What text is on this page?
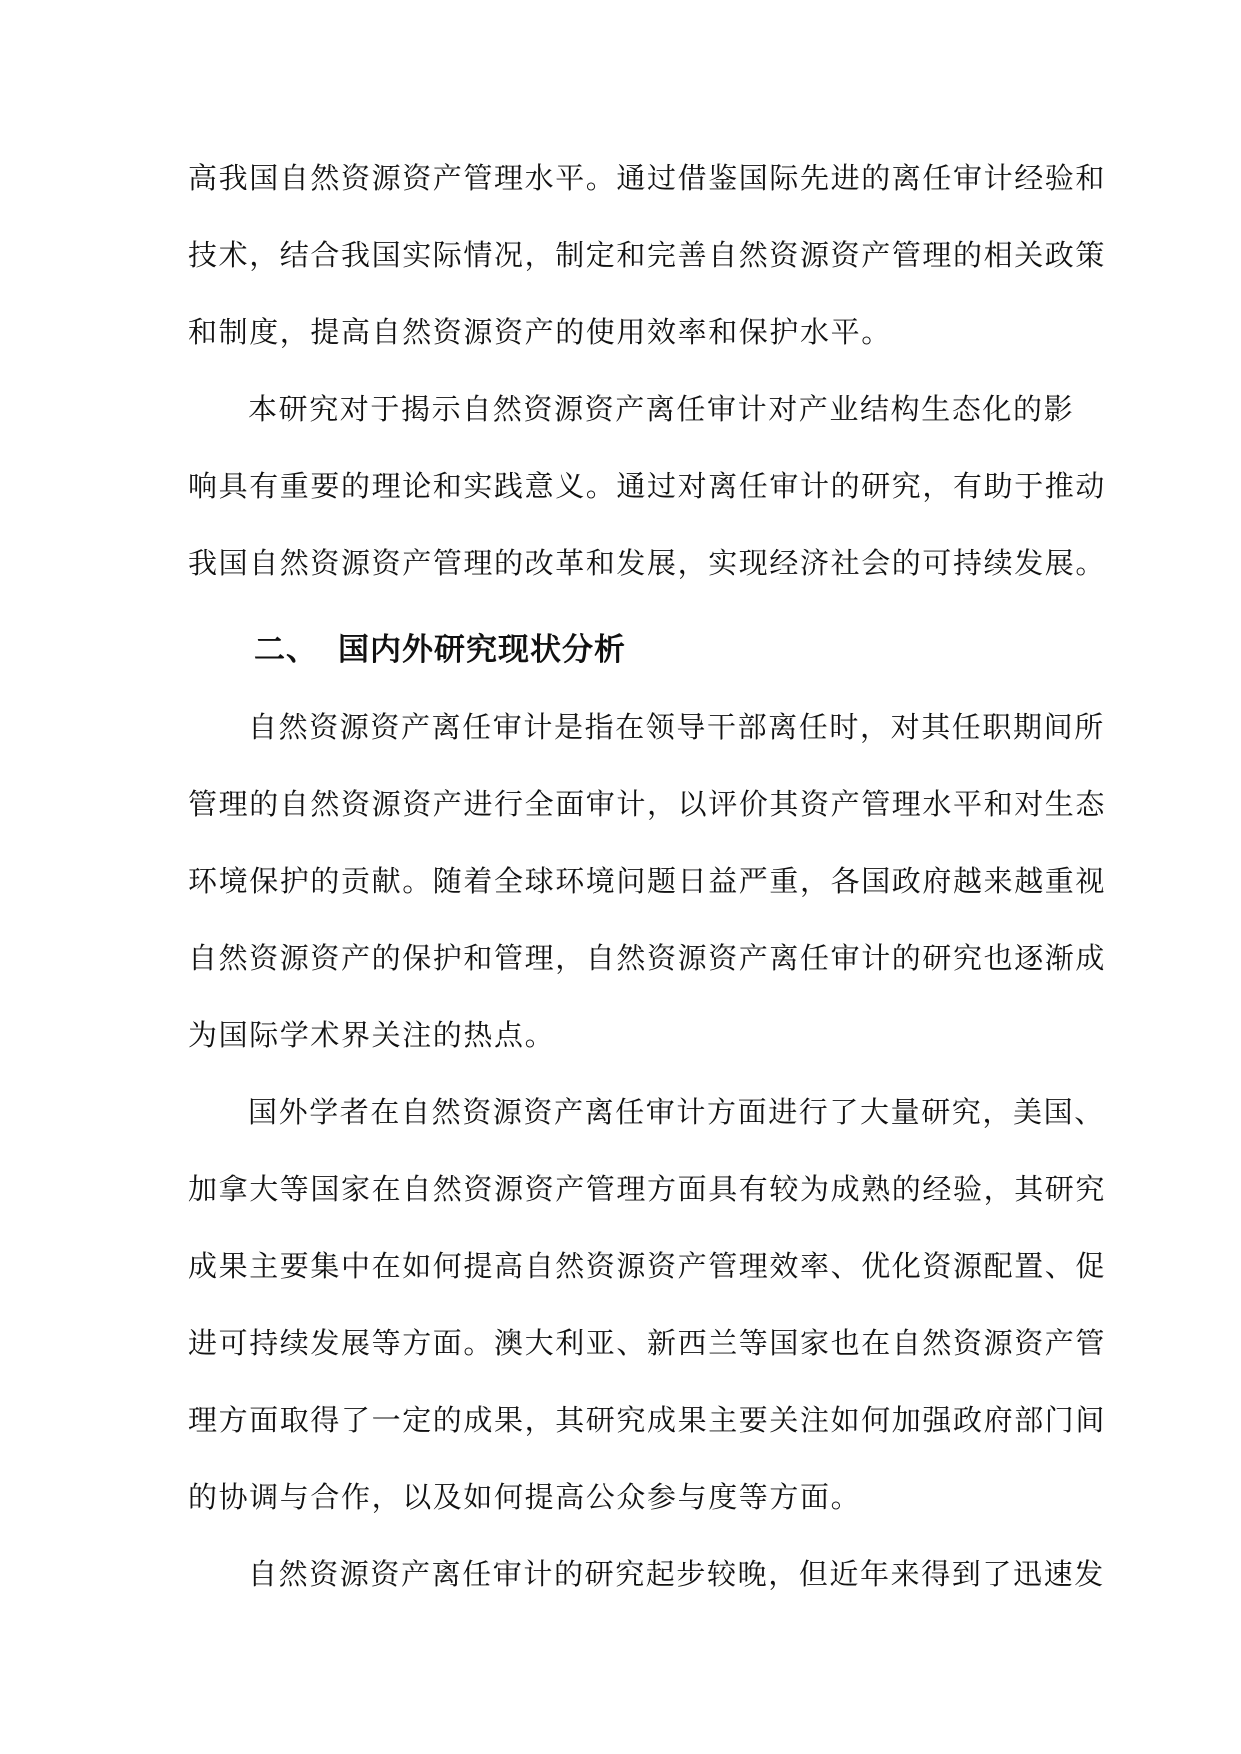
高我国自然资源资产管理水平。通过借鉴国际先进的离任审计经验和
技术，结合我国实际情况，制定和完善自然资源资产管理的相关政策
和制度，提高自然资源资产的使用效率和保护水平。
本研究对于揭示自然资源资产离任审计对产业结构生态化的影
响具有重要的理论和实践意义。通过对离任审计的研究，有助于推动
我国自然资源资产管理的改革和发展，实现经济社会的可持续发展。
二、 国内外研究现状分析
自然资源资产离任审计是指在领导干部离任时，对其任职期间所
管理的自然资源资产进行全面审计，以评价其资产管理水平和对生态
环境保护的贡献。随着全球环境问题日益严重，各国政府越来越重视
自然资源资产的保护和管理，自然资源资产离任审计的研究也逐渐成
为国际学术界关注的热点。
国外学者在自然资源资产离任审计方面进行了大量研究，美国、
加拿大等国家在自然资源资产管理方面具有较为成熟的经验，其研究
成果主要集中在如何提高自然资源资产管理效率、优化资源配置、促
进可持续发展等方面。澳大利亚、新西兰等国家也在自然资源资产管
理方面取得了一定的成果，其研究成果主要关注如何加强政府部门间
的协调与合作，以及如何提高公众参与度等方面。
自然资源资产离任审计的研究起步较晚，但近年来得到了迅速发
